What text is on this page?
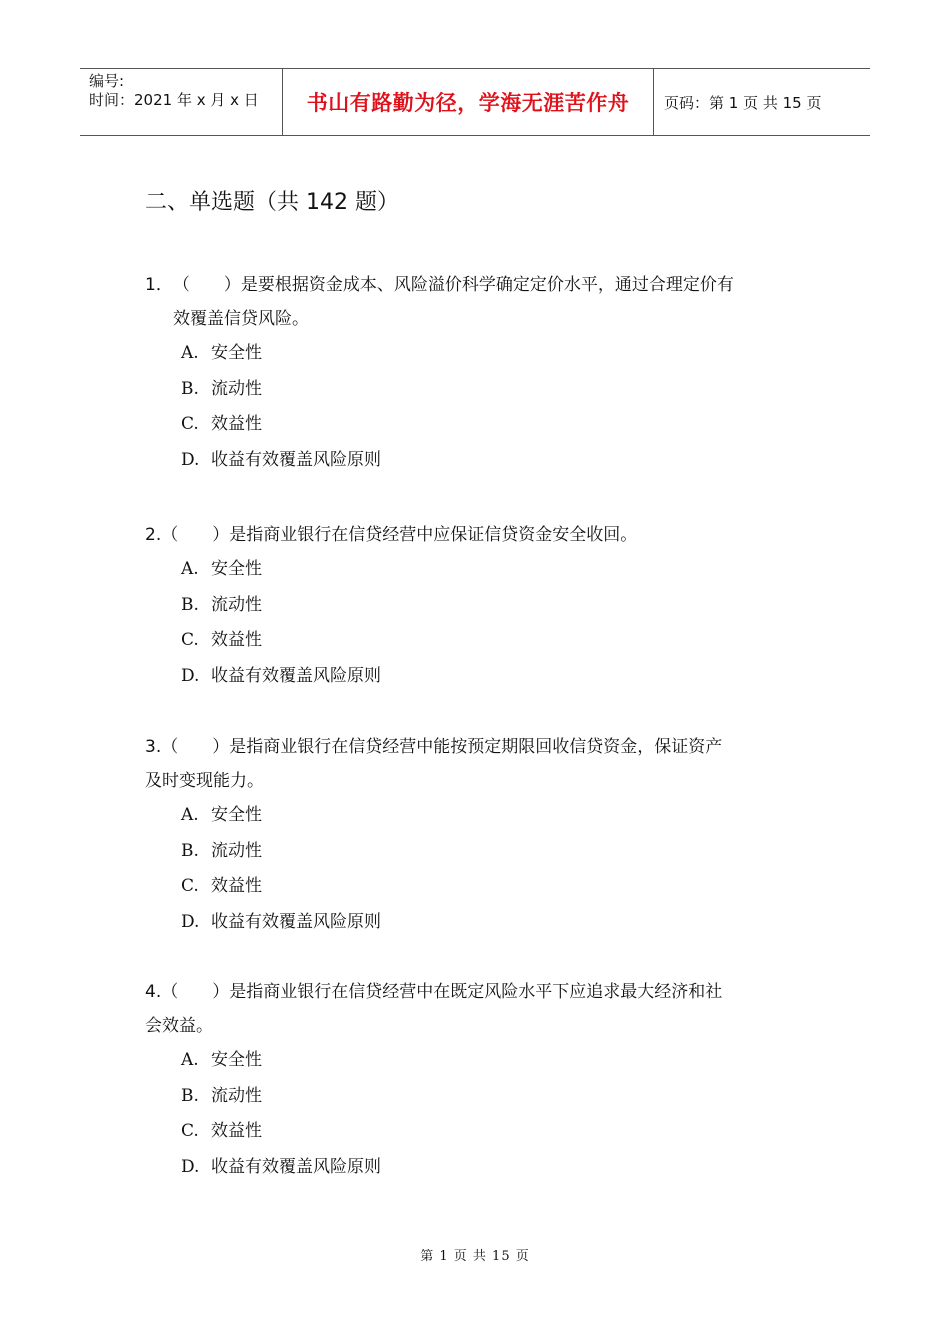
编号:
时间：2021 年 x 月 x 日	书山有路勤为径，学海无涯苦作舟	页码：第 1 页 共 15 页
二、单选题（共 142 题）

1．（　　）是要根据资金成本、风险溢价科学确定定价水平，通过合理定价有
效覆盖信贷风险。

A. 安全性
B. 流动性
C. 效益性
D. 收益有效覆盖风险原则

2.（　　）是指商业银行在信贷经营中应保证信贷资金安全收回。

A. 安全性
B. 流动性
C. 效益性
D. 收益有效覆盖风险原则

3.（　　）是指商业银行在信贷经营中能按预定期限回收信贷资金，保证资产
及时变现能力。

A. 安全性
B. 流动性
C. 效益性
D. 收益有效覆盖风险原则

4.（　　）是指商业银行在信贷经营中在既定风险水平下应追求最大经济和社
会效益。

A. 安全性
B. 流动性
C. 效益性
D. 收益有效覆盖风险原则
第 1 页 共 15 页
